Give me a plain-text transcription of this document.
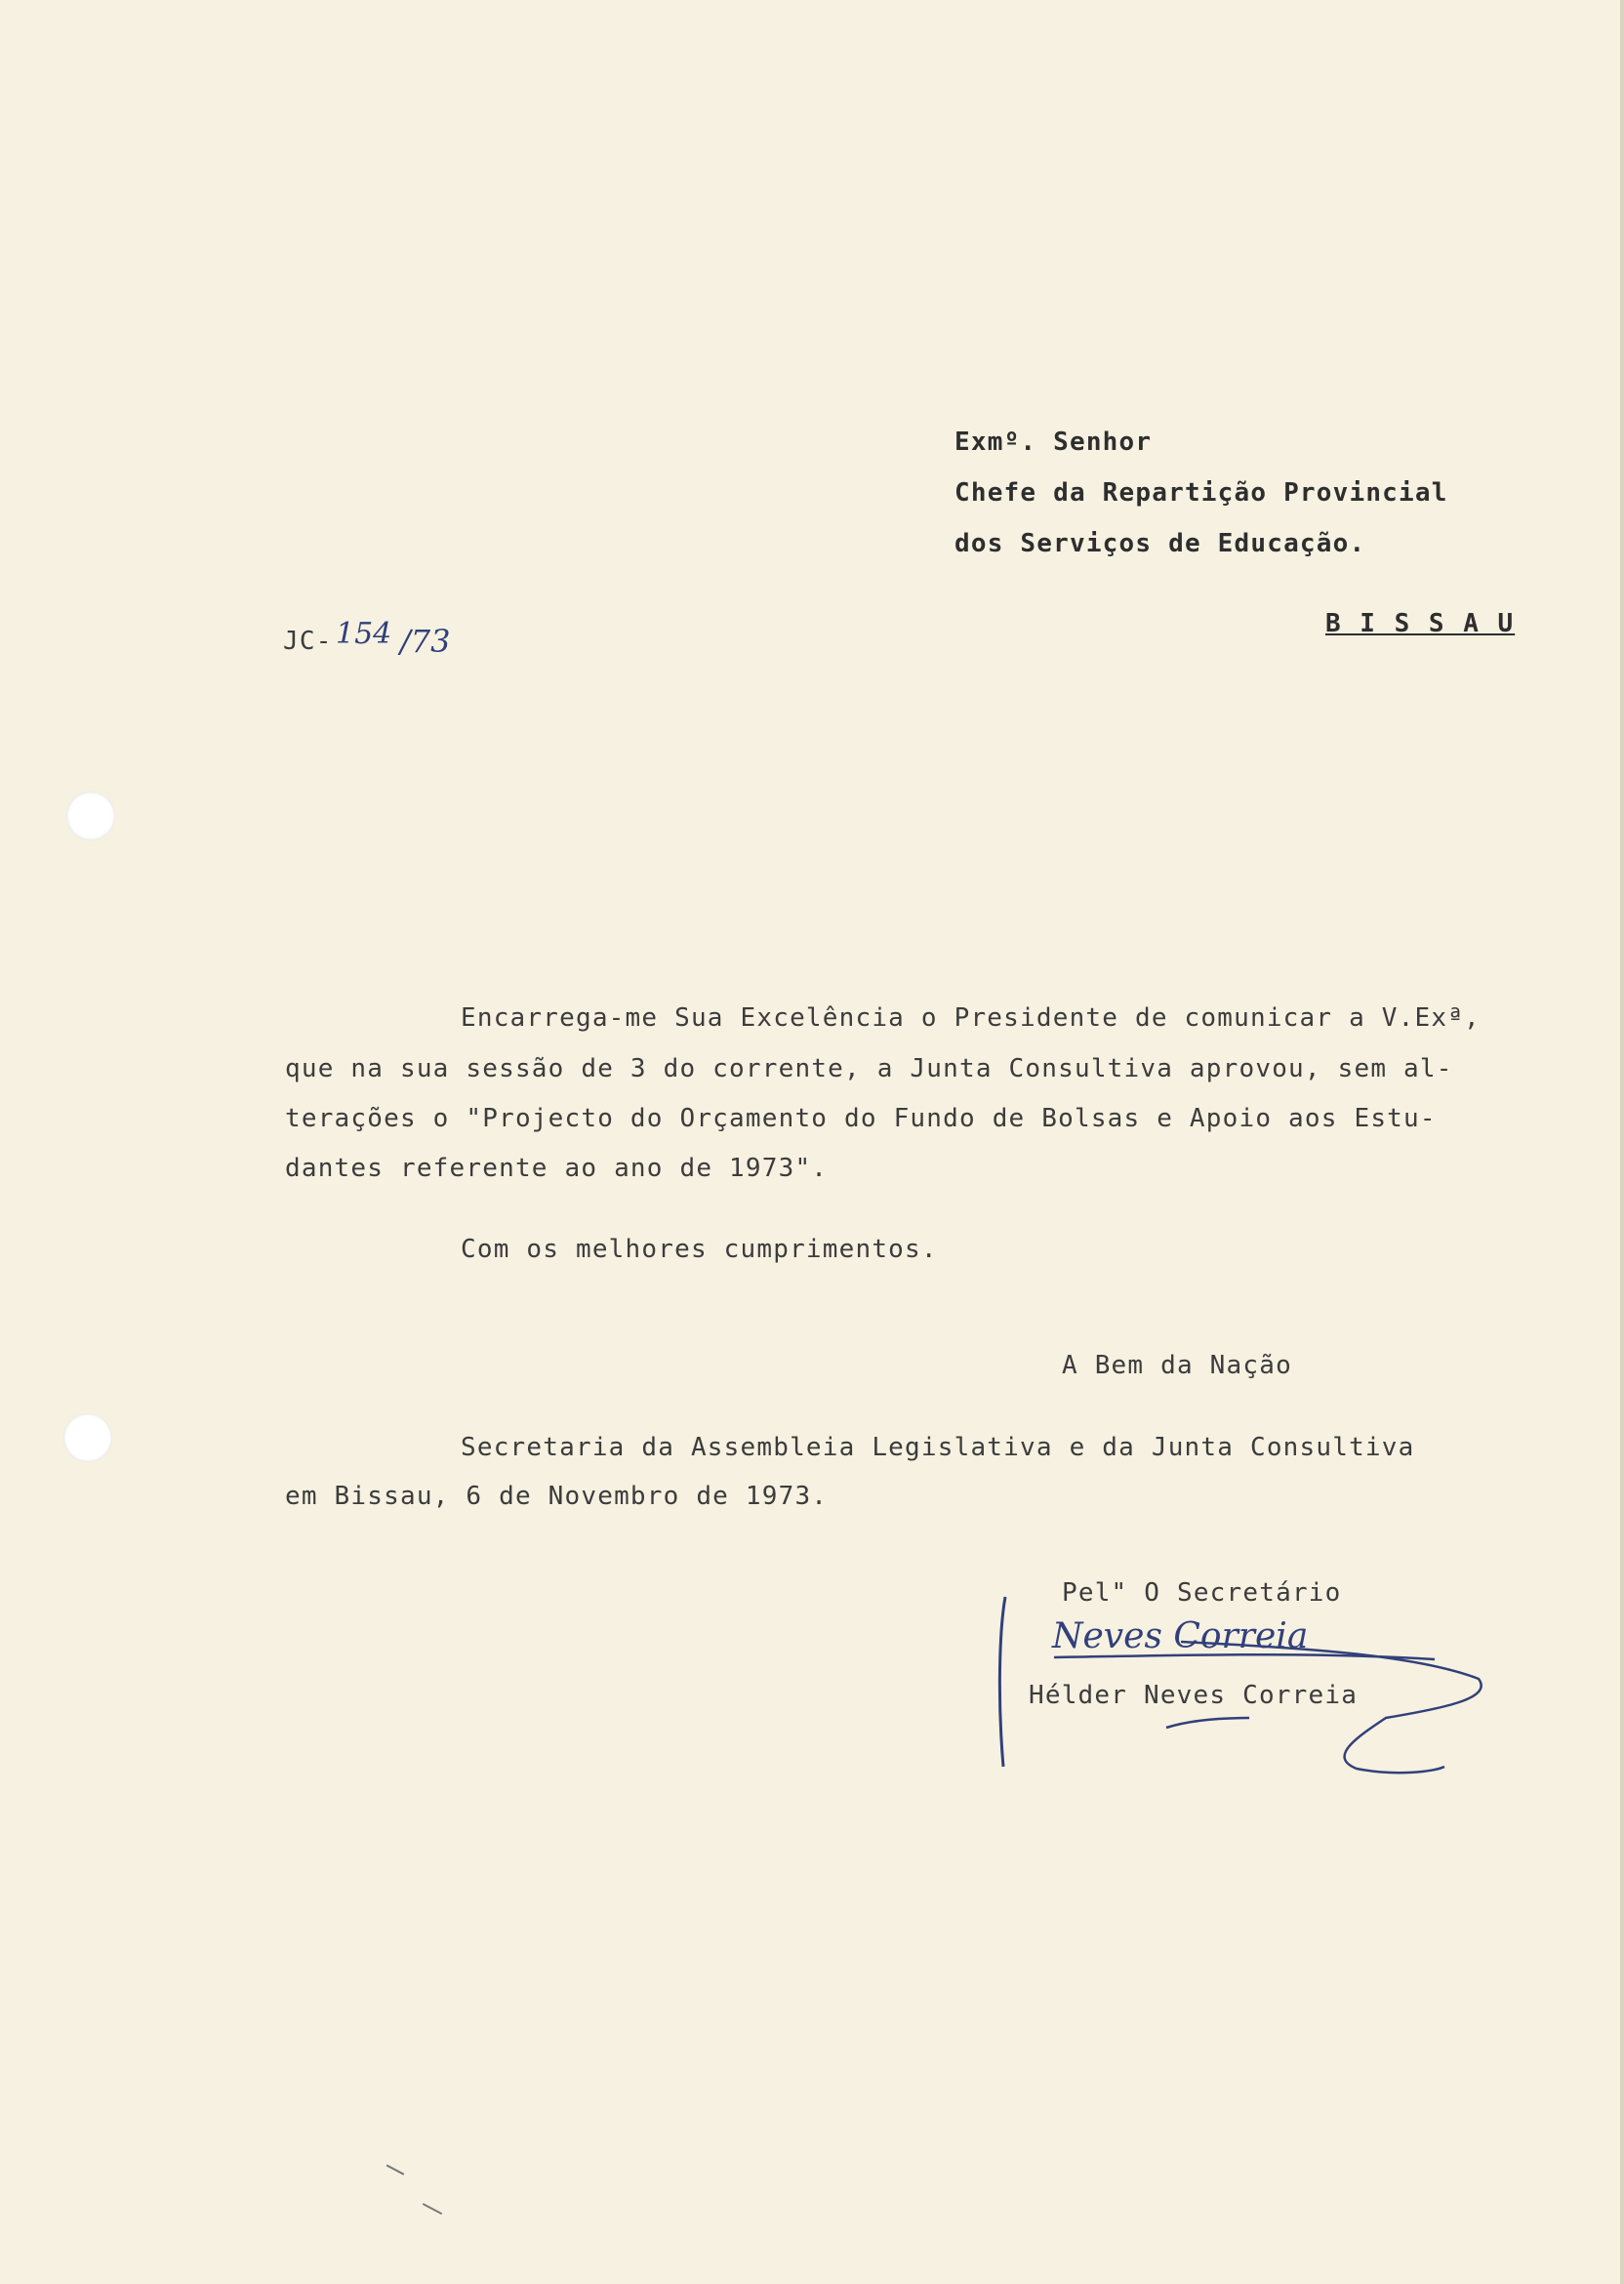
Exmº. Senhor
Chefe da Repartição Provincial
dos Serviços de Educação.
B I S S A U
JC- 154 /73
Encarrega-me Sua Excelência o Presidente de comunicar a V.Exª,
que na sua sessão de 3 do corrente, a Junta Consultiva aprovou, sem al-
terações o "Projecto do Orçamento do Fundo de Bolsas e Apoio aos Estu-
dantes referente ao ano de 1973".
Com os melhores cumprimentos.
A Bem da Nação
Secretaria da Assembleia Legislativa e da Junta Consultiva
em Bissau, 6 de Novembro de 1973.
Pel" O Secretário
Neves Correia
Hélder Neves Correia
